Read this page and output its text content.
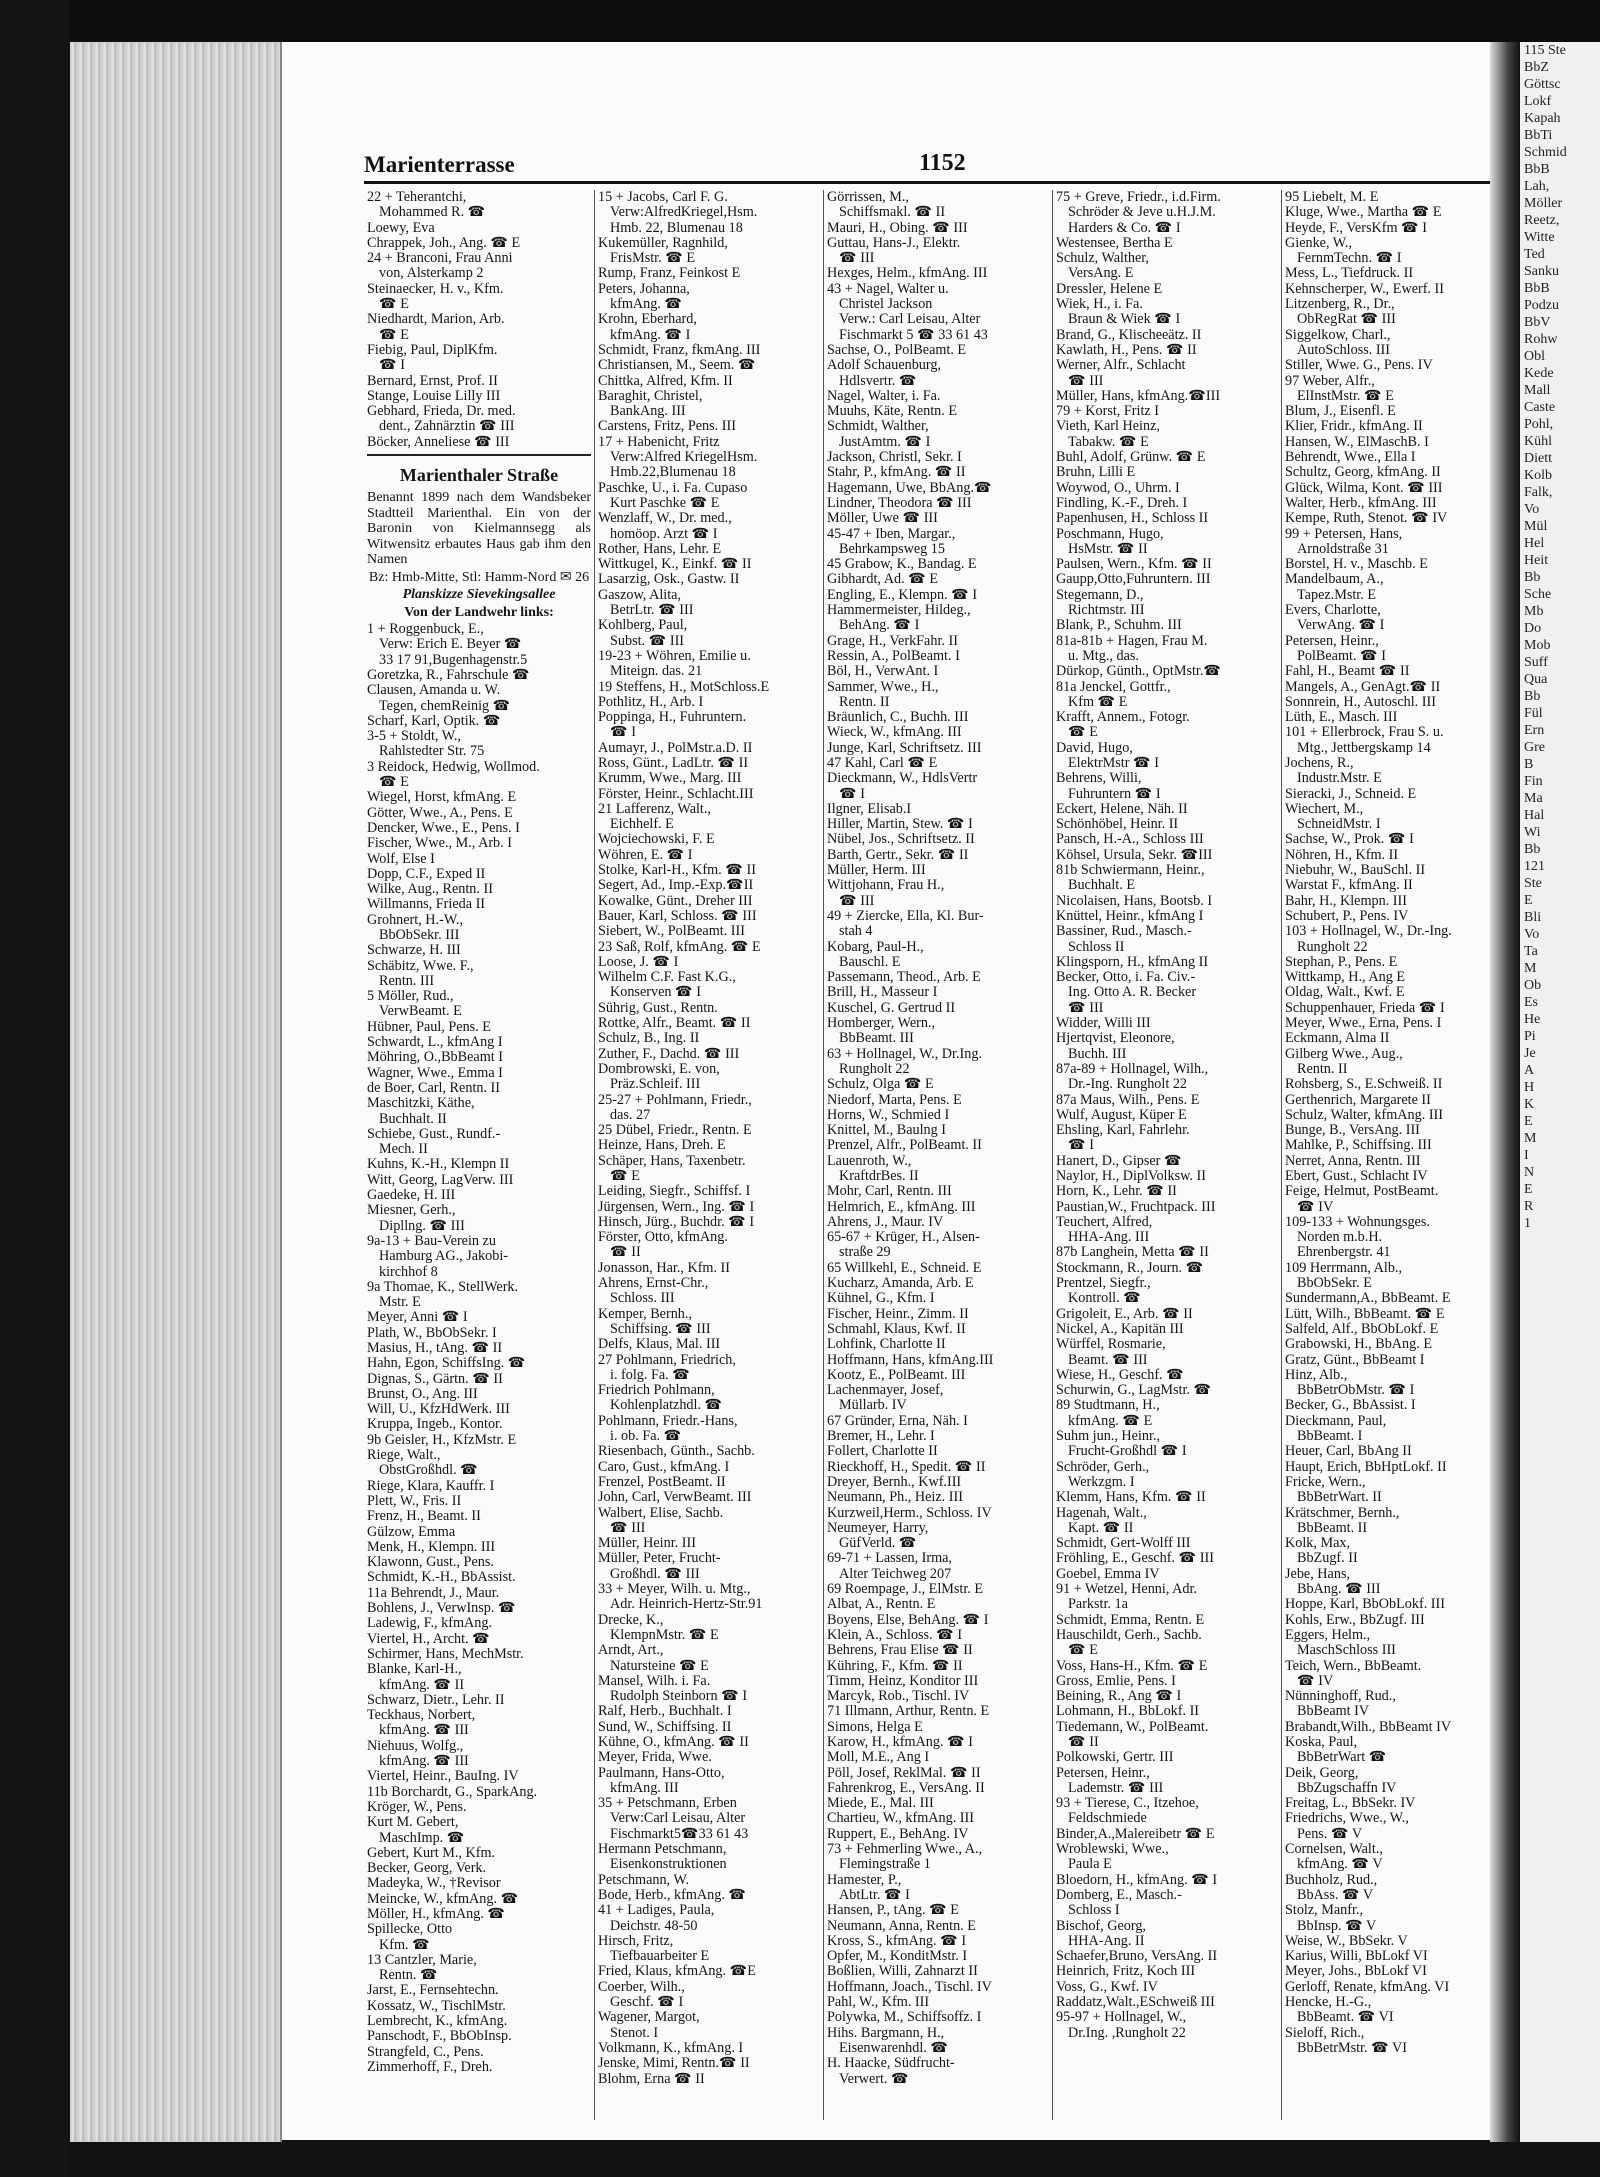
Marienterrasse	1152
22 + Teherantchi,
Mohammed R. ☎
Loewy, Eva
Chrappek, Joh., Ang. ☎ E
24 + Branconi, Frau Anni
von, Alsterkamp 2
Steinaecker, H. v., Kfm.
☎ E
Niedhardt, Marion, Arb.
☎ E
Fiebig, Paul, DiplKfm.
☎ I
Bernard, Ernst, Prof. II
Stange, Louise Lilly III
Gebhard, Frieda, Dr. med.
dent., Zahnärztin ☎ III
Böcker, Anneliese ☎ III
Marienthaler Straße
Benannt 1899 nach dem Wandsbeker Stadtteil Marienthal. Ein von der Baronin von Kielmannsegg als Witwensitz erbautes Haus gab ihm den Namen
Bz: Hmb-Mitte, Stl: Hamm-Nord ✉ 26
Planskizze Sievekingsallee
Von der Landwehr links:
1 + Roggenbuck, E.,
Verw: Erich E. Beyer ☎
33 17 91,Bugenhagenstr.5
Goretzka, R., Fahrschule ☎
Clausen, Amanda u. W.
Tegen, chemReinig ☎
Scharf, Karl, Optik. ☎
3-5 + Stoldt, W.,
Rahlstedter Str. 75
3 Reidock, Hedwig, Wollmod.
☎ E
Wiegel, Horst, kfmAng. E
Götter, Wwe., A., Pens. E
Dencker, Wwe., E., Pens. I
Fischer, Wwe., M., Arb. I
Wolf, Else I
Dopp, C.F., Exped II
Wilke, Aug., Rentn. II
Willmanns, Frieda II
Grohnert, H.-W.,
BbObSekr. III
Schwarze, H. III
Schäbitz, Wwe. F.,
Rentn. III
5 Möller, Rud.,
VerwBeamt. E
Hübner, Paul, Pens. E
Schwardt, L., kfmAng I
Möhring, O.,BbBeamt I
Wagner, Wwe., Emma I
de Boer, Carl, Rentn. II
Maschitzki, Käthe,
Buchhalt. II
Schiebe, Gust., Rundf.-
Mech. II
Kuhns, K.-H., Klempn II
Witt, Georg, LagVerw. III
Gaedeke, H. III
Miesner, Gerh.,
Dipllng. ☎ III
9a-13 + Bau-Verein zu
Hamburg AG., Jakobi-
kirchhof 8
9a Thomae, K., StellWerk.
Mstr. E
Meyer, Anni ☎ I
Plath, W., BbObSekr. I
Masius, H., tAng. ☎ II
Hahn, Egon, SchiffsIng. ☎
Dignas, S., Gärtn. ☎ II
Brunst, O., Ang. III
Will, U., KfzHdWerk. III
Kruppa, Ingeb., Kontor.
9b Geisler, H., KfzMstr. E
Riege, Walt.,
ObstGroßhdl. ☎
Riege, Klara, Kauffr. I
Plett, W., Fris. II
Frenz, H., Beamt. II
Gülzow, Emma
Menk, H., Klempn. III
Klawonn, Gust., Pens.
Schmidt, K.-H., BbAssist.
11a Behrendt, J., Maur.
Bohlens, J., VerwInsp. ☎
Ladewig, F., kfmAng.
Viertel, H., Archt. ☎
Schirmer, Hans, MechMstr.
Blanke, Karl-H.,
kfmAng. ☎ II
Schwarz, Dietr., Lehr. II
Teckhaus, Norbert,
kfmAng. ☎ III
Niehuus, Wolfg.,
kfmAng. ☎ III
Viertel, Heinr., BauIng. IV
11b Borchardt, G., SparkAng.
Kröger, W., Pens.
Kurt M. Gebert,
MaschImp. ☎
Gebert, Kurt M., Kfm.
Becker, Georg, Verk.
Madeyka, W., †Revisor
Meincke, W., kfmAng. ☎
Möller, H., kfmAng. ☎
Spillecke, Otto
Kfm. ☎
13 Cantzler, Marie,
Rentn. ☎
Jarst, E., Fernsehtechn.
Kossatz, W., TischlMstr.
Lembrecht, K., kfmAng.
Panschodt, F., BbObInsp.
Strangfeld, C., Pens.
Zimmerhoff, F., Dreh.
15 + Jacobs, Carl F. G.
Verw:AlfredKriegel,Hsm.
Hmb. 22, Blumenau 18
Kukemüller, Ragnhild,
FrisMstr. ☎ E
Rump, Franz, Feinkost E
Peters, Johanna,
kfmAng. ☎
Krohn, Eberhard,
kfmAng. ☎ I
Schmidt, Franz, fkmAng. III
Christiansen, M., Seem. ☎
Chittka, Alfred, Kfm. II
Baraghit, Christel,
BankAng. III
Carstens, Fritz, Pens. III
17 + Habenicht, Fritz
Verw:Alfred KriegelHsm.
Hmb.22,Blumenau 18
Paschke, U., i. Fa. Cupaso
Kurt Paschke ☎ E
Wenzlaff, W., Dr. med.,
homöop. Arzt ☎ I
Rother, Hans, Lehr. E
Wittkugel, K., Einkf. ☎ II
Lasarzig, Osk., Gastw. II
Gaszow, Alita,
BetrLtr. ☎ III
Kohlberg, Paul,
Subst. ☎ III
19-23 + Wöhren, Emilie u.
Miteign. das. 21
19 Steffens, H., MotSchloss.E
Pothlitz, H., Arb. I
Poppinga, H., Fuhruntern.
☎ I
Aumayr, J., PolMstr.a.D. II
Ross, Günt., LadLtr. ☎ II
Krumm, Wwe., Marg. III
Förster, Heinr., Schlacht.III
21 Lafferenz, Walt.,
Eichhelf. E
Wojciechowski, F. E
Wöhren, E. ☎ I
Stolke, Karl-H., Kfm. ☎ II
Segert, Ad., Imp.-Exp.☎II
Kowalke, Günt., Dreher III
Bauer, Karl, Schloss. ☎ III
Siebert, W., PolBeamt. III
23 Saß, Rolf, kfmAng. ☎ E
Loose, J. ☎ I
Wilhelm C.F. Fast K.G.,
Konserven ☎ I
Sührig, Gust., Rentn.
Rottke, Alfr., Beamt. ☎ II
Schulz, B., Ing. II
Zuther, F., Dachd. ☎ III
Dombrowski, E. von,
Präz.Schleif. III
25-27 + Pohlmann, Friedr.,
das. 27
25 Dübel, Friedr., Rentn. E
Heinze, Hans, Dreh. E
Schäper, Hans, Taxenbetr.
☎ E
Leiding, Siegfr., Schiffsf. I
Jürgensen, Wern., Ing. ☎ I
Hinsch, Jürg., Buchdr. ☎ I
Förster, Otto, kfmAng.
☎ II
Jonasson, Har., Kfm. II
Ahrens, Ernst-Chr.,
Schloss. III
Kemper, Bernh.,
Schiffsing. ☎ III
Delfs, Klaus, Mal. III
27 Pohlmann, Friedrich,
i. folg. Fa. ☎
Friedrich Pohlmann,
Kohlenplatzhdl. ☎
Pohlmann, Friedr.-Hans,
i. ob. Fa. ☎
Riesenbach, Günth., Sachb.
Caro, Gust., kfmAng. I
Frenzel, PostBeamt. II
John, Carl, VerwBeamt. III
Walbert, Elise, Sachb.
☎ III
Müller, Heinr. III
Müller, Peter, Frucht-
Großhdl. ☎ III
33 + Meyer, Wilh. u. Mtg.,
Adr. Heinrich-Hertz-Str.91
Drecke, K.,
KlempnMstr. ☎ E
Arndt, Art.,
Natursteine ☎ E
Mansel, Wilh. i. Fa.
Rudolph Steinborn ☎ I
Ralf, Herb., Buchhalt. I
Sund, W., Schiffsing. II
Kühne, O., kfmAng. ☎ II
Meyer, Frida, Wwe.
Paulmann, Hans-Otto,
kfmAng. III
35 + Petschmann, Erben
Verw:Carl Leisau, Alter
Fischmarkt5☎33 61 43
Hermann Petschmann,
Eisenkonstruktionen
Petschmann, W.
Bode, Herb., kfmAng. ☎
41 + Ladiges, Paula,
Deichstr. 48-50
Hirsch, Fritz,
Tiefbauarbeiter E
Fried, Klaus, kfmAng. ☎E
Coerber, Wilh.,
Geschf. ☎ I
Wagener, Margot,
Stenot. I
Volkmann, K., kfmAng. I
Jenske, Mimi, Rentn.☎ II
Blohm, Erna ☎ II
Görrissen, M.,
Schiffsmakl. ☎ II
Mauri, H., Obing. ☎ III
Guttau, Hans-J., Elektr.
☎ III
Hexges, Helm., kfmAng. III
43 + Nagel, Walter u.
Christel Jackson
Verw.: Carl Leisau, Alter
Fischmarkt 5 ☎ 33 61 43
Sachse, O., PolBeamt. E
Adolf Schauenburg,
Hdlsvertr. ☎
Nagel, Walter, i. Fa.
Muuhs, Käte, Rentn. E
Schmidt, Walther,
JustAmtm. ☎ I
Jackson, Christl, Sekr. I
Stahr, P., kfmAng. ☎ II
Hagemann, Uwe, BbAng.☎
Lindner, Theodora ☎ III
Möller, Uwe ☎ III
45-47 + Iben, Margar.,
Behrkampsweg 15
45 Grabow, K., Bandag. E
Gibhardt, Ad. ☎ E
Engling, E., Klempn. ☎ I
Hammermeister, Hildeg.,
BehAng. ☎ I
Grage, H., VerkFahr. II
Ressin, A., PolBeamt. I
Böl, H., VerwAnt. I
Sammer, Wwe., H.,
Rentn. II
Bräunlich, C., Buchh. III
Wieck, W., kfmAng. III
Junge, Karl, Schriftsetz. III
47 Kahl, Carl ☎ E
Dieckmann, W., HdlsVertr
☎ I
Ilgner, Elisab.I
Hiller, Martin, Stew. ☎ I
Nübel, Jos., Schriftsetz. II
Barth, Gertr., Sekr. ☎ II
Müller, Herm. III
Wittjohann, Frau H.,
☎ III
49 + Ziercke, Ella, Kl. Bur-
stah 4
Kobarg, Paul-H.,
Bauschl. E
Passemann, Theod., Arb. E
Brill, H., Masseur I
Kuschel, G. Gertrud II
Homberger, Wern.,
BbBeamt. III
63 + Hollnagel, W., Dr.Ing.
Rungholt 22
Schulz, Olga ☎ E
Niedorf, Marta, Pens. E
Horns, W., Schmied I
Knittel, M., Baulng I
Prenzel, Alfr., PolBeamt. II
Lauenroth, W.,
KraftdrBes. II
Mohr, Carl, Rentn. III
Helmrich, E., kfmAng. III
Ahrens, J., Maur. IV
65-67 + Krüger, H., Alsen-
straße 29
65 Willkehl, E., Schneid. E
Kucharz, Amanda, Arb. E
Kühnel, G., Kfm. I
Fischer, Heinr., Zimm. II
Schmahl, Klaus, Kwf. II
Lohfink, Charlotte II
Hoffmann, Hans, kfmAng.III
Kootz, E., PolBeamt. III
Lachenmayer, Josef,
Müllarb. IV
67 Gründer, Erna, Näh. I
Bremer, H., Lehr. I
Follert, Charlotte II
Rieckhoff, H., Spedit. ☎ II
Dreyer, Bernh., Kwf.III
Neumann, Ph., Heiz. III
Kurzweil,Herm., Schloss. IV
Neumeyer, Harry,
GüfVerld. ☎
69-71 + Lassen, Irma,
Alter Teichweg 207
69 Roempage, J., ElMstr. E
Albat, A., Rentn. E
Boyens, Else, BehAng. ☎ I
Klein, A., Schloss. ☎ I
Behrens, Frau Elise ☎ II
Kühring, F., Kfm. ☎ II
Timm, Heinz, Konditor III
Marcyk, Rob., Tischl. IV
71 Illmann, Arthur, Rentn. E
Simons, Helga E
Karow, H., kfmAng. ☎ I
Moll, M.E., Ang I
Pöll, Josef, ReklMal. ☎ II
Fahrenkrog, E., VersAng. II
Miede, E., Mal. III
Chartieu, W., kfmAng. III
Ruppert, E., BehAng. IV
73 + Fehmerling Wwe., A.,
Flemingstraße 1
Hamester, P.,
AbtLtr. ☎ I
Hansen, P., tAng. ☎ E
Neumann, Anna, Rentn. E
Kross, S., kfmAng. ☎ I
Opfer, M., KonditMstr. I
Boßlien, Willi, Zahnarzt II
Hoffmann, Joach., Tischl. IV
Pahl, W., Kfm. III
Polywka, M., Schiffsoffz. I
Hihs. Bargmann, H.,
Eisenwarenhdl. ☎
H. Haacke, Südfrucht-
Verwert. ☎
75 + Greve, Friedr., i.d.Firm.
Schröder & Jeve u.H.J.M.
Harders & Co. ☎ I
Westensee, Bertha E
Schulz, Walther,
VersAng. E
Dressler, Helene E
Wiek, H., i. Fa.
Braun & Wiek ☎ I
Brand, G., Klischeeätz. II
Kawlath, H., Pens. ☎ II
Werner, Alfr., Schlacht
☎ III
Müller, Hans, kfmAng.☎III
79 + Korst, Fritz I
Vieth, Karl Heinz,
Tabakw. ☎ E
Buhl, Adolf, Grünw. ☎ E
Bruhn, Lilli E
Woywod, O., Uhrm. I
Findling, K.-F., Dreh. I
Papenhusen, H., Schloss II
Poschmann, Hugo,
HsMstr. ☎ II
Paulsen, Wern., Kfm. ☎ II
Gaupp,Otto,Fuhruntern. III
Stegemann, D.,
Richtmstr. III
Blank, P., Schuhm. III
81a-81b + Hagen, Frau M.
u. Mtg., das.
Dürkop, Günth., OptMstr.☎
81a Jenckel, Gottfr.,
Kfm ☎ E
Krafft, Annem., Fotogr.
☎ E
David, Hugo,
ElektrMstr ☎ I
Behrens, Willi,
Fuhruntern ☎ I
Eckert, Helene, Näh. II
Schönhöbel, Heinr. II
Pansch, H.-A., Schloss III
Köhsel, Ursula, Sekr. ☎III
81b Schwiermann, Heinr.,
Buchhalt. E
Nicolaisen, Hans, Bootsb. I
Knüttel, Heinr., kfmAng I
Bassiner, Rud., Masch.-
Schloss II
Klingsporn, H., kfmAng II
Becker, Otto, i. Fa. Civ.-
Ing. Otto A. R. Becker
☎ III
Widder, Willi III
Hjertqvist, Eleonore,
Buchh. III
87a-89 + Hollnagel, Wilh.,
Dr.-Ing. Rungholt 22
87a Maus, Wilh., Pens. E
Wulf, August, Küper E
Ehsling, Karl, Fahrlehr.
☎ I
Hanert, D., Gipser ☎
Naylor, H., DiplVolksw. II
Horn, K., Lehr. ☎ II
Paustian,W., Fruchtpack. III
Teuchert, Alfred,
HHA-Ang. III
87b Langhein, Metta ☎ II
Stockmann, R., Journ. ☎
Prentzel, Siegfr.,
Kontroll. ☎
Grigoleit, E., Arb. ☎ II
Nickel, A., Kapitän III
Würffel, Rosmarie,
Beamt. ☎ III
Wiese, H., Geschf. ☎
Schurwin, G., LagMstr. ☎
89 Studtmann, H.,
kfmAng. ☎ E
Suhm jun., Heinr.,
Frucht-Großhdl ☎ I
Schröder, Gerh.,
Werkzgm. I
Klemm, Hans, Kfm. ☎ II
Hagenah, Walt.,
Kapt. ☎ II
Schmidt, Gert-Wolff III
Fröhling, E., Geschf. ☎ III
Goebel, Emma IV
91 + Wetzel, Henni, Adr.
Parkstr. 1a
Schmidt, Emma, Rentn. E
Hauschildt, Gerh., Sachb.
☎ E
Voss, Hans-H., Kfm. ☎ E
Gross, Emlie, Pens. I
Beining, R., Ang ☎ I
Lohmann, H., BbLokf. II
Tiedemann, W., PolBeamt.
☎ II
Polkowski, Gertr. III
Petersen, Heinr.,
Lademstr. ☎ III
93 + Tierese, C., Itzehoe,
Feldschmiede
Binder,A.,Malereibetr ☎ E
Wroblewski, Wwe.,
Paula E
Bloedorn, H., kfmAng. ☎ I
Domberg, E., Masch.-
Schloss I
Bischof, Georg,
HHA-Ang. II
Schaefer,Bruno, VersAng. II
Heinrich, Fritz, Koch III
Voss, G., Kwf. IV
Raddatz,Walt.,ESchweiß III
95-97 + Hollnagel, W.,
Dr.Ing. ,Rungholt 22
95 Liebelt, M. E
Kluge, Wwe., Martha ☎ E
Heyde, F., VersKfm ☎ I
Gienke, W.,
FernmTechn. ☎ I
Mess, L., Tiefdruck. II
Kehnscherper, W., Ewerf. II
Litzenberg, R., Dr.,
ObRegRat ☎ III
Siggelkow, Charl.,
AutoSchloss. III
Stiller, Wwe. G., Pens. IV
97 Weber, Alfr.,
ElInstMstr. ☎ E
Blum, J., Eisenfl. E
Klier, Fridr., kfmAng. II
Hansen, W., ElMaschB. I
Behrendt, Wwe., Ella I
Schultz, Georg, kfmAng. II
Glück, Wilma, Kont. ☎ III
Walter, Herb., kfmAng. III
Kempe, Ruth, Stenot. ☎ IV
99 + Petersen, Hans,
Arnoldstraße 31
Borstel, H. v., Maschb. E
Mandelbaum, A.,
Tapez.Mstr. E
Evers, Charlotte,
VerwAng. ☎ I
Petersen, Heinr.,
PolBeamt. ☎ I
Fahl, H., Beamt ☎ II
Mangels, A., GenAgt.☎ II
Sonnrein, H., Autoschl. III
Lüth, E., Masch. III
101 + Ellerbrock, Frau S. u.
Mtg., Jettbergskamp 14
Jochens, R.,
Industr.Mstr. E
Sieracki, J., Schneid. E
Wiechert, M.,
SchneidMstr. I
Sachse, W., Prok. ☎ I
Nöhren, H., Kfm. II
Niebuhr, W., BauSchl. II
Warstat F., kfmAng. II
Bahr, H., Klempn. III
Schubert, P., Pens. IV
103 + Hollnagel, W., Dr.-Ing.
Rungholt 22
Stephan, P., Pens. E
Wittkamp, H., Ang E
Oldag, Walt., Kwf. E
Schuppenhauer, Frieda ☎ I
Meyer, Wwe., Erna, Pens. I
Eckmann, Alma II
Gilberg Wwe., Aug.,
Rentn. II
Rohsberg, S., E.Schweiß. II
Gerthenrich, Margarete II
Schulz, Walter, kfmAng. III
Bunge, B., VersAng. III
Mahlke, P., Schiffsing. III
Nerret, Anna, Rentn. III
Ebert, Gust., Schlacht IV
Feige, Helmut, PostBeamt.
☎ IV
109-133 + Wohnungsges.
Norden m.b.H.
Ehrenbergstr. 41
109 Herrmann, Alb.,
BbObSekr. E
Sundermann,A., BbBeamt. E
Lütt, Wilh., BbBeamt. ☎ E
Salfeld, Alf., BbObLokf. E
Grabowski, H., BbAng. E
Gratz, Günt., BbBeamt I
Hinz, Alb.,
BbBetrObMstr. ☎ I
Becker, G., BbAssist. I
Dieckmann, Paul,
BbBeamt. I
Heuer, Carl, BbAng II
Haupt, Erich, BbHptLokf. II
Fricke, Wern.,
BbBetrWart. II
Krätschmer, Bernh.,
BbBeamt. II
Kolk, Max,
BbZugf. II
Jebe, Hans,
BbAng. ☎ III
Hoppe, Karl, BbObLokf. III
Kohls, Erw., BbZugf. III
Eggers, Helm.,
MaschSchloss III
Teich, Wern., BbBeamt.
☎ IV
Nünninghoff, Rud.,
BbBeamt IV
Brabandt,Wilh., BbBeamt IV
Koska, Paul,
BbBetrWart ☎
Deik, Georg,
BbZugschaffn IV
Freitag, L., BbSekr. IV
Friedrichs, Wwe., W.,
Pens. ☎ V
Cornelsen, Walt.,
kfmAng. ☎ V
Buchholz, Rud.,
BbAss. ☎ V
Stolz, Manfr.,
BbInsp. ☎ V
Weise, W., BbSekr. V
Karius, Willi, BbLokf VI
Meyer, Johs., BbLokf VI
Gerloff, Renate, kfmAng. VI
Hencke, H.-G.,
BbBeamt. ☎ VI
Sieloff, Rich.,
BbBetrMstr. ☎ VI
115 Ste
BbZ
Göttsc
Lokf
Kapah
BbTi
Schmid
BbB
Lah,
Möller
Reetz,
Witte
Ted
Sanku
BbB
Podzu
BbV
Rohw
Obl
Kede
Mall
Caste
Pohl,
Kühl
Diett
Kolb
Falk,
Vo
Mül
Hel
Heit
Bb
Sche
Mb
Do
Mob
Suff
Qua
Bb
Fül
Ern
Gre
B
Fin
Ma
Hal
Wi
Bb
121
Ste
E
Bli
Vo
Ta
M
Ob
Es
He
Pi
Je
A
H
K
E
M
I
N
E
R
1
